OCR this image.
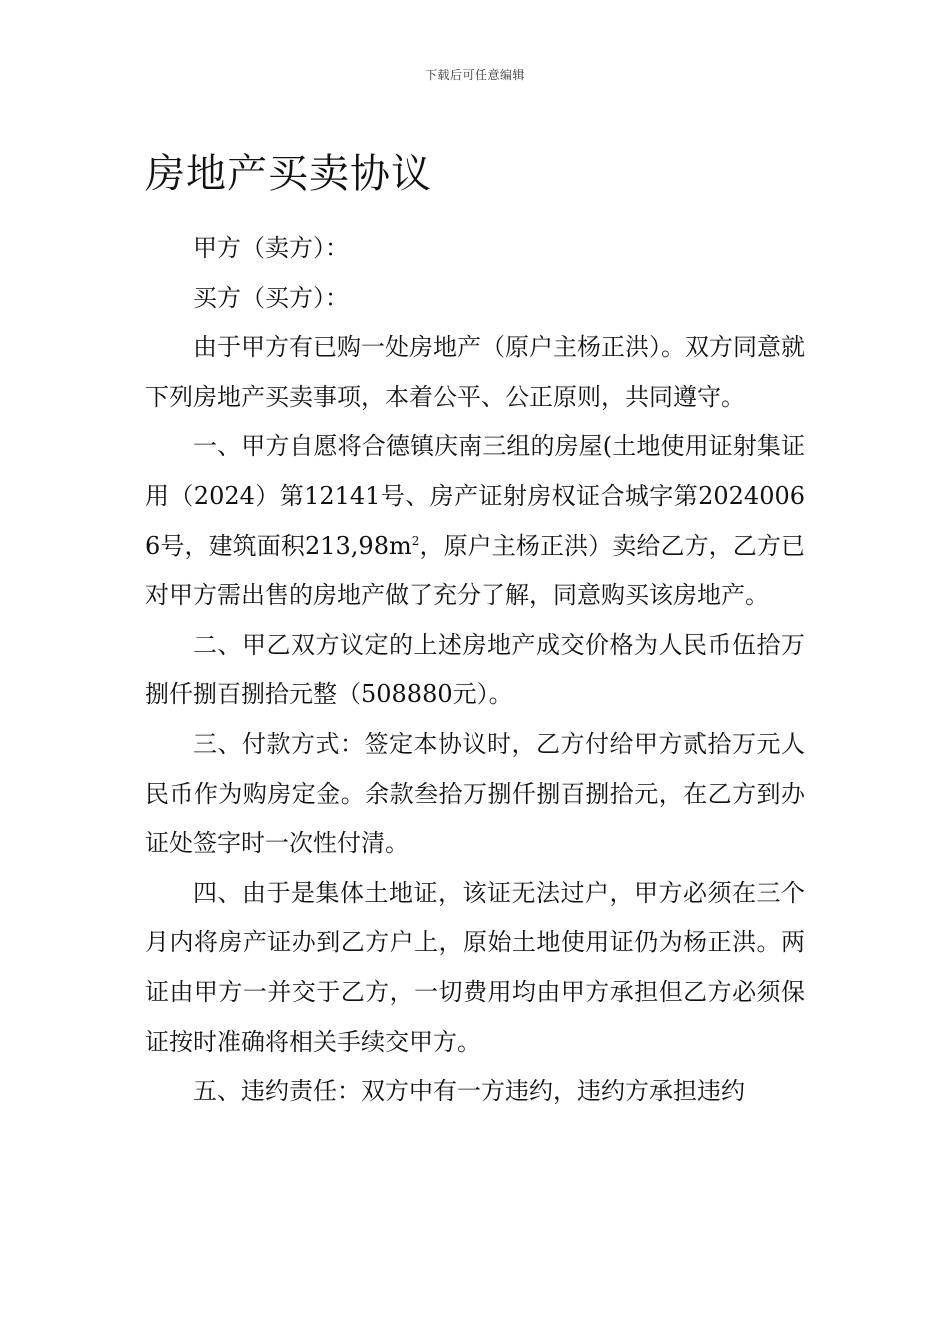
下载后可任意编辑
房地产买卖协议

甲方（卖方）：

买方（买方）：

由于甲方有已购一处房地产（原户主杨正洪）。双方同意就下列房地产买卖事项，本着公平、公正原则，共同遵守。

一、甲方自愿将合德镇庆南三组的房屋(土地使用证射集证用（2024）第12141号、房产证射房权证合城字第20240066号，建筑面积$213,98m^2$，原户主杨正洪）卖给乙方，乙方已对甲方需出售的房地产做了充分了解，同意购买该房地产。

二、甲乙双方议定的上述房地产成交价格为人民币伍拾万捌仟捌百捌拾元整（508880元）。

三、付款方式：签定本协议时，乙方付给甲方贰拾万元人民币作为购房定金。余款叁拾万捌仟捌百捌拾元，在乙方到办证处签字时一次性付清。

四、由于是集体土地证，该证无法过户，甲方必须在三个月内将房产证办到乙方户上，原始土地使用证仍为杨正洪。两证由甲方一并交于乙方，一切费用均由甲方承担但乙方必须保证按时准确将相关手续交甲方。

五、违约责任：双方中有一方违约，违约方承担违约
